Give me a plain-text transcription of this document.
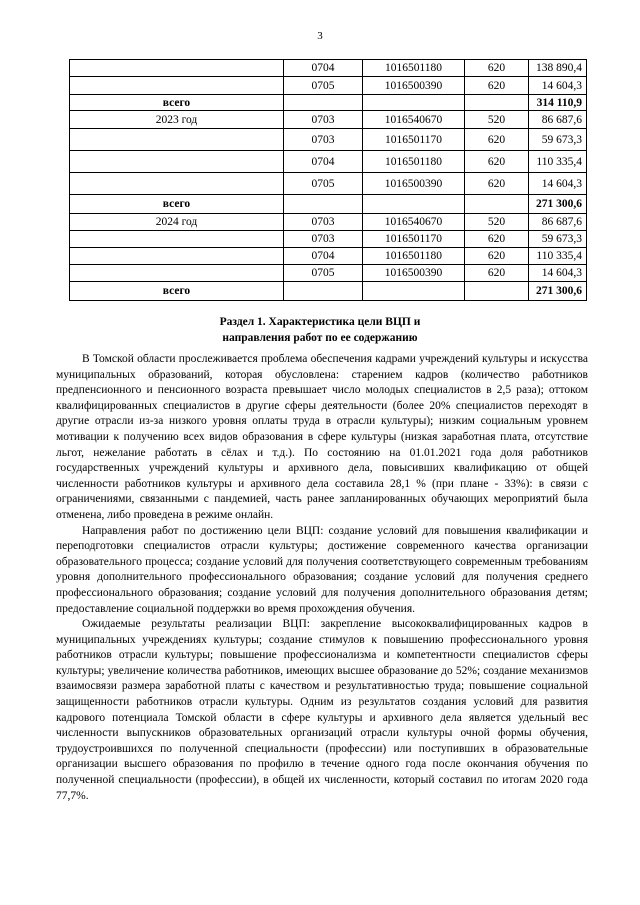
3
	0704	1016501180	620	138 890,4
	0705	1016500390	620	14 604,3
всего				314 110,9
2023 год	0703	1016540670	520	86 687,6
	0703	1016501170	620	59 673,3
	0704	1016501180	620	110 335,4
	0705	1016500390	620	14 604,3
всего				271 300,6
2024 год	0703	1016540670	520	86 687,6
	0703	1016501170	620	59 673,3
	0704	1016501180	620	110 335,4
	0705	1016500390	620	14 604,3
всего				271 300,6
Раздел 1. Характеристика цели ВЦП и
направления работ по ее содержанию

В Томской области прослеживается проблема обеспечения кадрами учреждений культуры и искусства муниципальных образований, которая обусловлена: старением кадров (количество работников предпенсионного и пенсионного возраста превышает число молодых специалистов в 2,5 раза); оттоком квалифицированных специалистов в другие сферы деятельности (более 20% специалистов переходят в другие отрасли из-за низкого уровня оплаты труда в отрасли культуры); низким социальным уровнем мотивации к получению всех видов образования в сфере культуры (низкая заработная плата, отсутствие льгот, нежелание работать в сёлах и т.д.). По состоянию на 01.01.2021 года доля работников государственных учреждений культуры и архивного дела, повысивших квалификацию от общей численности работников культуры и архивного дела составила 28,1 % (при плане - 33%): в связи с ограничениями, связанными с пандемией, часть ранее запланированных обучающих мероприятий была отменена, либо проведена в режиме онлайн.

Направления работ по достижению цели ВЦП: создание условий для повышения квалификации и переподготовки специалистов отрасли культуры; достижение современного качества организации образовательного процесса; создание условий для получения соответствующего современным требованиям уровня дополнительного профессионального образования; создание условий для получения среднего профессионального образования; создание условий для получения дополнительного образования детям; предоставление социальной поддержки во время прохождения обучения.

Ожидаемые результаты реализации ВЦП: закрепление высококвалифицированных кадров в муниципальных учреждениях культуры; создание стимулов к повышению профессионального уровня работников отрасли культуры; повышение профессионализма и компетентности специалистов сферы культуры; увеличение количества работников, имеющих высшее образование до 52%; создание механизмов взаимосвязи размера заработной платы с качеством и результативностью труда; повышение социальной защищенности работников отрасли культуры. Одним из результатов создания условий для развития кадрового потенциала Томской области в сфере культуры и архивного дела является удельный вес численности выпускников образовательных организаций отрасли культуры очной формы обучения, трудоустроившихся по полученной специальности (профессии) или поступивших в образовательные организации высшего образования по профилю в течение одного года после окончания обучения по полученной специальности (профессии), в общей их численности, который составил по итогам 2020 года 77,7%.
